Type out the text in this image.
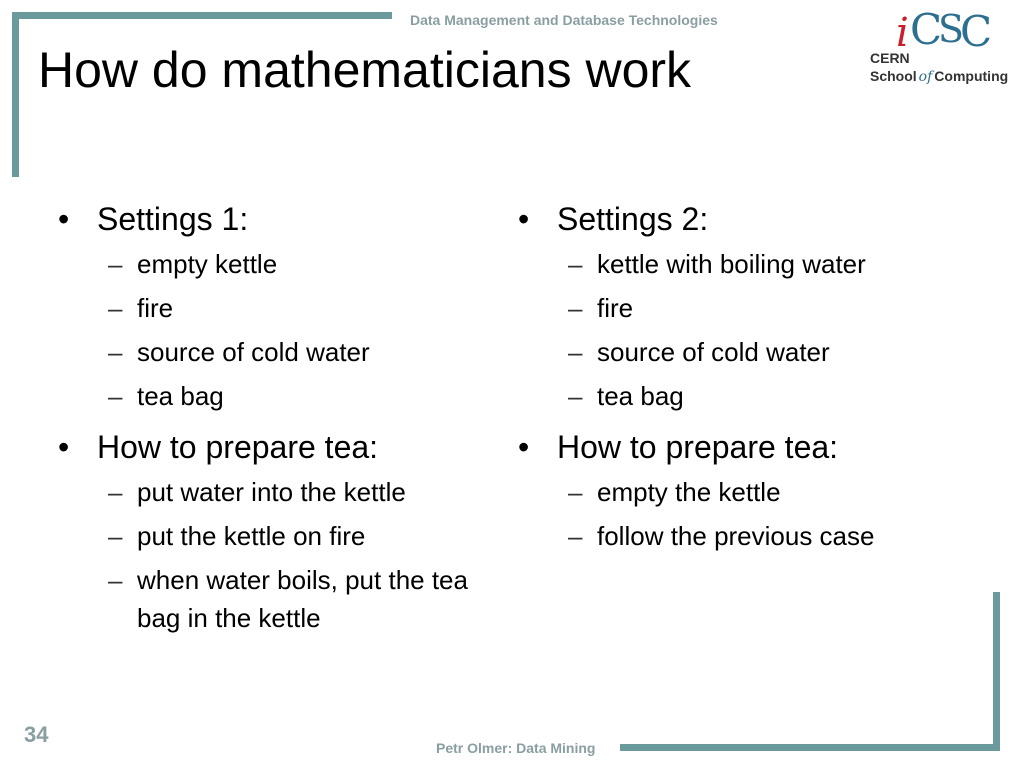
Data Management and Database Technologies
How do mathematicians work
i C
S
C
CERN
School of Computing
• Settings 1:
– empty kettle
– fire
– source of cold water
– tea bag
• How to prepare tea:
– put water into the kettle
– put the kettle on fire
– when water boils, put the tea bag in the kettle
• Settings 2:
– kettle with boiling water
– fire
– source of cold water
– tea bag
• How to prepare tea:
– empty the kettle
– follow the previous case
34
Petr Olmer: Data Mining
